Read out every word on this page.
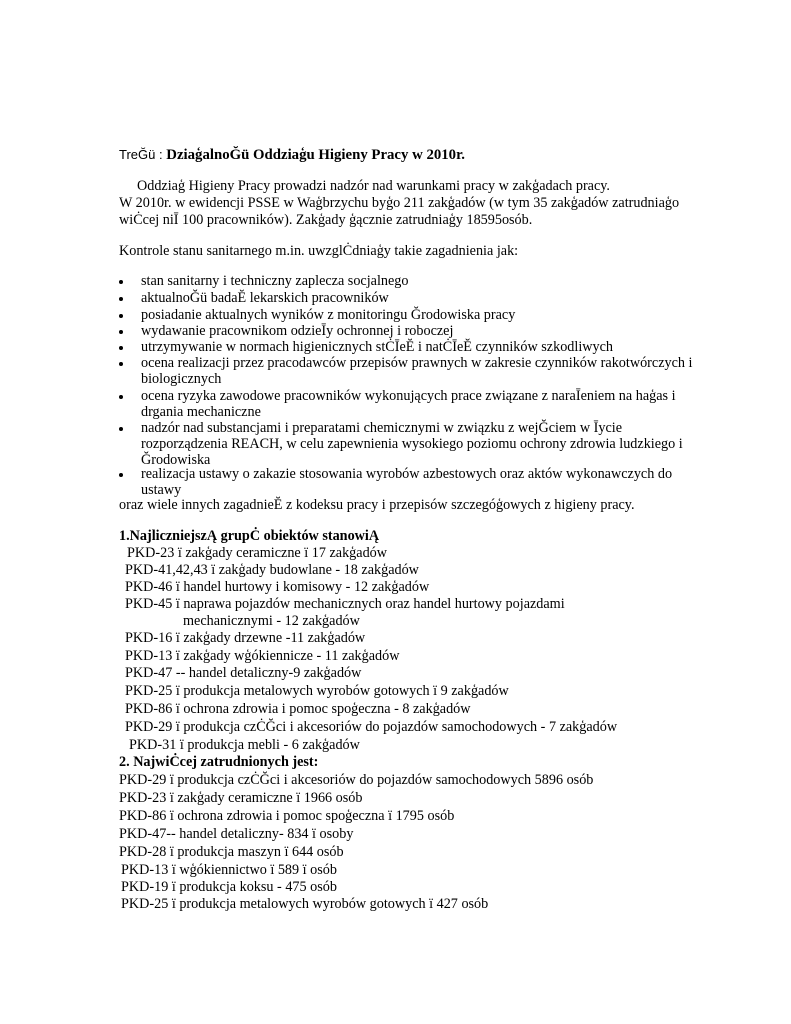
TreĞü : DziaģalnoĞü Oddziaģu Higieny Pracy w 2010r.
Oddziaģ Higieny Pracy prowadzi nadzór nad warunkami pracy w zakģadach pracy.
W 2010r. w ewidencji PSSE w Waģbrzychu byģo 211 zakģadów (w tym 35 zakģadów zatrudniaģo
wiĊcej niĪ 100 pracowników). Zakģady ģącznie zatrudniaģy 18595osób.
Kontrole stanu sanitarnego m.in. uwzglĊdniaģy takie zagadnienia jak:
stan sanitarny i techniczny zaplecza socjalnego
aktualnoĞü badaĔ lekarskich pracowników
posiadanie aktualnych wyników z monitoringu Ğrodowiska pracy
wydawanie pracownikom odzieĪy ochronnej i roboczej
utrzymywanie w normach higienicznych stĊĪeĔ i natĊĪeĔ czynników szkodliwych
ocena realizacji przez pracodawców przepisów prawnych w zakresie czynników rakotwórczych i
biologicznych
ocena ryzyka zawodowe pracowników wykonujących prace związane z naraĪeniem na haģas i
drgania mechaniczne
nadzór nad substancjami i preparatami chemicznymi w związku z wejĞciem w Īycie
rozporządzenia REACH, w celu zapewnienia wysokiego poziomu ochrony zdrowia ludzkiego i
Ğrodowiska
realizacja ustawy o zakazie stosowania wyrobów azbestowych oraz aktów wykonawczych do
ustawy
oraz wiele innych zagadnieĔ z kodeksu pracy i przepisów szczegóģowych z higieny pracy.
1.NajliczniejszĄ grupĊ obiektów stanowiĄ
PKD-23 ï zakģady ceramiczne ï 17 zakģadów
PKD-41,42,43 ï zakģady budowlane - 18 zakģadów
PKD-46 ï handel hurtowy i komisowy - 12 zakģadów
PKD-45 ï naprawa pojazdów mechanicznych oraz handel hurtowy pojazdami
mechanicznymi - 12 zakģadów
PKD-16 ï zakģady drzewne -11 zakģadów
PKD-13 ï zakģady wģókiennicze - 11 zakģadów
PKD-47 -- handel detaliczny-9 zakģadów
PKD-25 ï produkcja metalowych wyrobów gotowych ï 9 zakģadów
PKD-86 ï ochrona zdrowia i pomoc spoģeczna - 8 zakģadów
PKD-29 ï produkcja czĊĞci i akcesoriów do pojazdów samochodowych - 7 zakģadów
PKD-31 ï produkcja mebli - 6 zakģadów
2. NajwiĊcej zatrudnionych jest:
PKD-29 ï produkcja czĊĞci i akcesoriów do pojazdów samochodowych 5896 osób
PKD-23 ï zakģady ceramiczne ï 1966 osób
PKD-86 ï ochrona zdrowia i pomoc spoģeczna ï 1795 osób
PKD-47-- handel detaliczny- 834 ï osoby
PKD-28 ï produkcja maszyn ï 644 osób
PKD-13 ï wģókiennictwo ï 589 ï osób
PKD-19 ï produkcja koksu - 475 osób
PKD-25 ï produkcja metalowych wyrobów gotowych ï 427 osób
